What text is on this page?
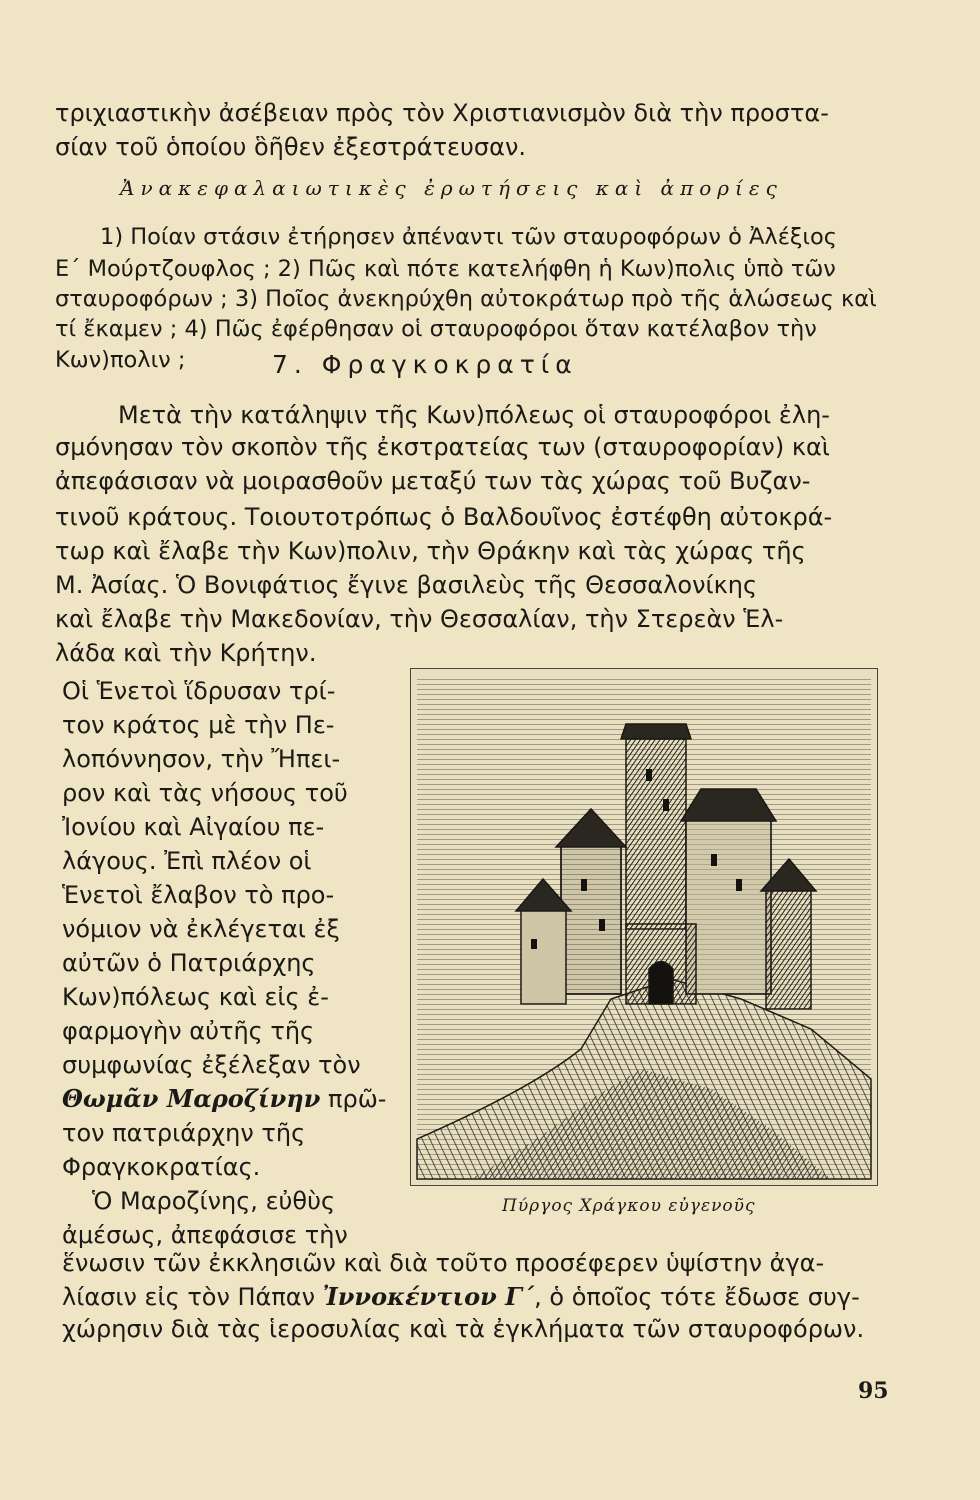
τριχιαστικὴν ἀσέβειαν πρὸς τὸν Χριστιανισμὸν διὰ τὴν προστα-
σίαν τοῦ ὁποίου ὃῆθεν ἐξεστράτευσαν.
Ἀνακεφαλαιωτικὲς ἐρωτήσεις καὶ ἀπορίες
1) Ποίαν στάσιν ἐτήρησεν ἀπέναντι τῶν σταυροφόρων ὁ Ἀλέξιος
Ε΄ Μούρτζουφλος ; 2) Πῶς καὶ πότε κατελήφθη ἡ Κων)πολις ὑπὸ τῶν
σταυροφόρων ; 3) Ποῖος ἀνεκηρύχθη αὐτοκράτωρ πρὸ τῆς ἁλώσεως καὶ
τί ἔκαμεν ; 4) Πῶς ἐφέρθησαν οἱ σταυροφόροι ὅταν κατέλαβον τὴν
Κων)πολιν ;	7. Φραγκοκρατία
Μετὰ τὴν κατάληψιν τῆς Κων)πόλεως οἱ σταυροφόροι ἐλη-
σμόνησαν τὸν σκοπὸν τῆς ἐκστρατείας των (σταυροφορίαν) καὶ
ἀπεφάσισαν νὰ μοιρασθοῦν μεταξύ των τὰς χώρας τοῦ Βυζαν-
τινοῦ κράτους. Τοιουτοτρόπως ὁ Βαλδουῖνος ἐστέφθη αὐτοκρά-
τωρ καὶ ἔλαβε τὴν Κων)πολιν, τὴν Θράκην καὶ τὰς χώρας τῆς
Μ. Ἀσίας. Ὁ Βονιφάτιος ἔγινε βασιλεὺς τῆς Θεσσαλονίκης
καὶ ἔλαβε τὴν Μακεδονίαν, τὴν Θεσσαλίαν, τὴν Στερεὰν Ἑλ-
λάδα καὶ τὴν Κρήτην.
Οἱ Ἑνετοὶ ἵδρυσαν τρί-
τον κράτος μὲ τὴν Πε-
λοπόννησον, τὴν Ἤπει-
ρον καὶ τὰς νήσους τοῦ
Ἰονίου καὶ Αἰγαίου πε-
λάγους. Ἐπὶ πλέον οἱ
Ἑνετοὶ ἔλαβον τὸ προ-
νόμιον νὰ ἐκλέγεται ἐξ
αὐτῶν ὁ Πατριάρχης
Κων)πόλεως καὶ εἰς ἐ-
φαρμογὴν αὐτῆς τῆς
συμφωνίας ἐξέλεξαν τὸν
Θωμᾶν Μαροζίνην πρῶ-
τον πατριάρχην τῆς
Φραγκοκρατίας.
Ὁ Μαροζίνης, εὐθὺς
ἀμέσως, ἀπεφάσισε τὴν
ἕνωσιν τῶν ἐκκλησιῶν καὶ διὰ τοῦτο προσέφερεν ὑψίστην ἀγα-
λίασιν εἰς τὸν Πάπαν Ἰννοκέντιον Γ΄, ὁ ὁποῖος τότε ἔδωσε συγ-
χώρησιν διὰ τὰς ἱεροσυλίας καὶ τὰ ἐγκλήματα τῶν σταυροφόρων.
Πύργος Χράγκου εὐγενοῦς
95
